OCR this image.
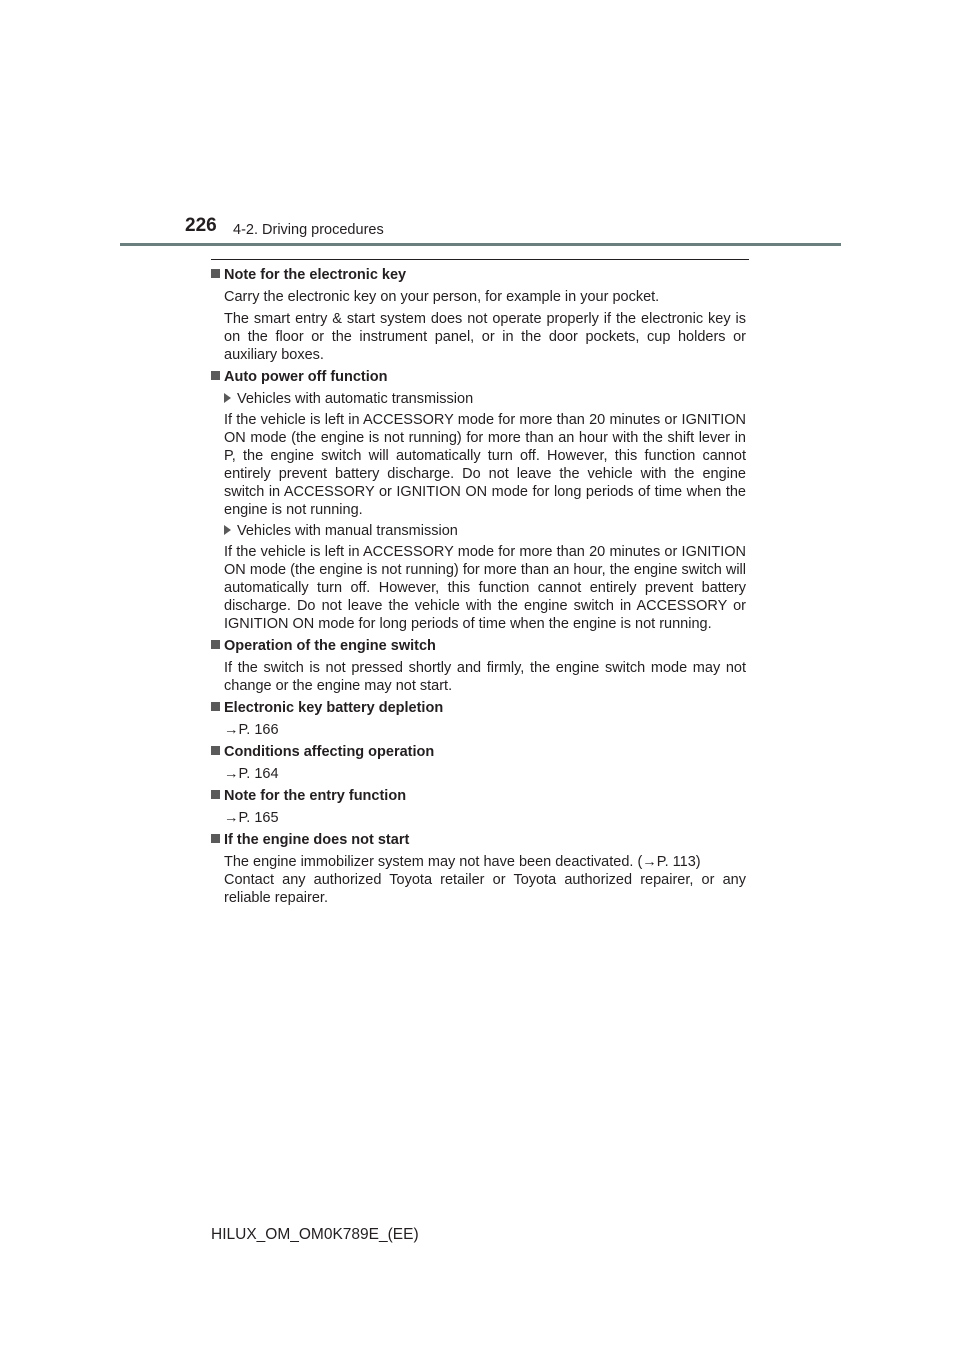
226 4-2. Driving procedures
Note for the electronic key
Carry the electronic key on your person, for example in your pocket.
The smart entry & start system does not operate properly if the electronic key is on the floor or the instrument panel, or in the door pockets, cup holders or auxiliary boxes.
Auto power off function
Vehicles with automatic transmission
If the vehicle is left in ACCESSORY mode for more than 20 minutes or IGNITION ON mode (the engine is not running) for more than an hour with the shift lever in P, the engine switch will automatically turn off. However, this function cannot entirely prevent battery discharge. Do not leave the vehicle with the engine switch in ACCESSORY or IGNITION ON mode for long periods of time when the engine is not running.
Vehicles with manual transmission
If the vehicle is left in ACCESSORY mode for more than 20 minutes or IGNITION ON mode (the engine is not running) for more than an hour, the engine switch will automatically turn off. However, this function cannot entirely prevent battery discharge. Do not leave the vehicle with the engine switch in ACCESSORY or IGNITION ON mode for long periods of time when the engine is not running.
Operation of the engine switch
If the switch is not pressed shortly and firmly, the engine switch mode may not change or the engine may not start.
Electronic key battery depletion
→P. 166
Conditions affecting operation
→P. 164
Note for the entry function
→P. 165
If the engine does not start
The engine immobilizer system may not have been deactivated. (→P. 113)
Contact any authorized Toyota retailer or Toyota authorized repairer, or any reliable repairer.
HILUX_OM_OM0K789E_(EE)
